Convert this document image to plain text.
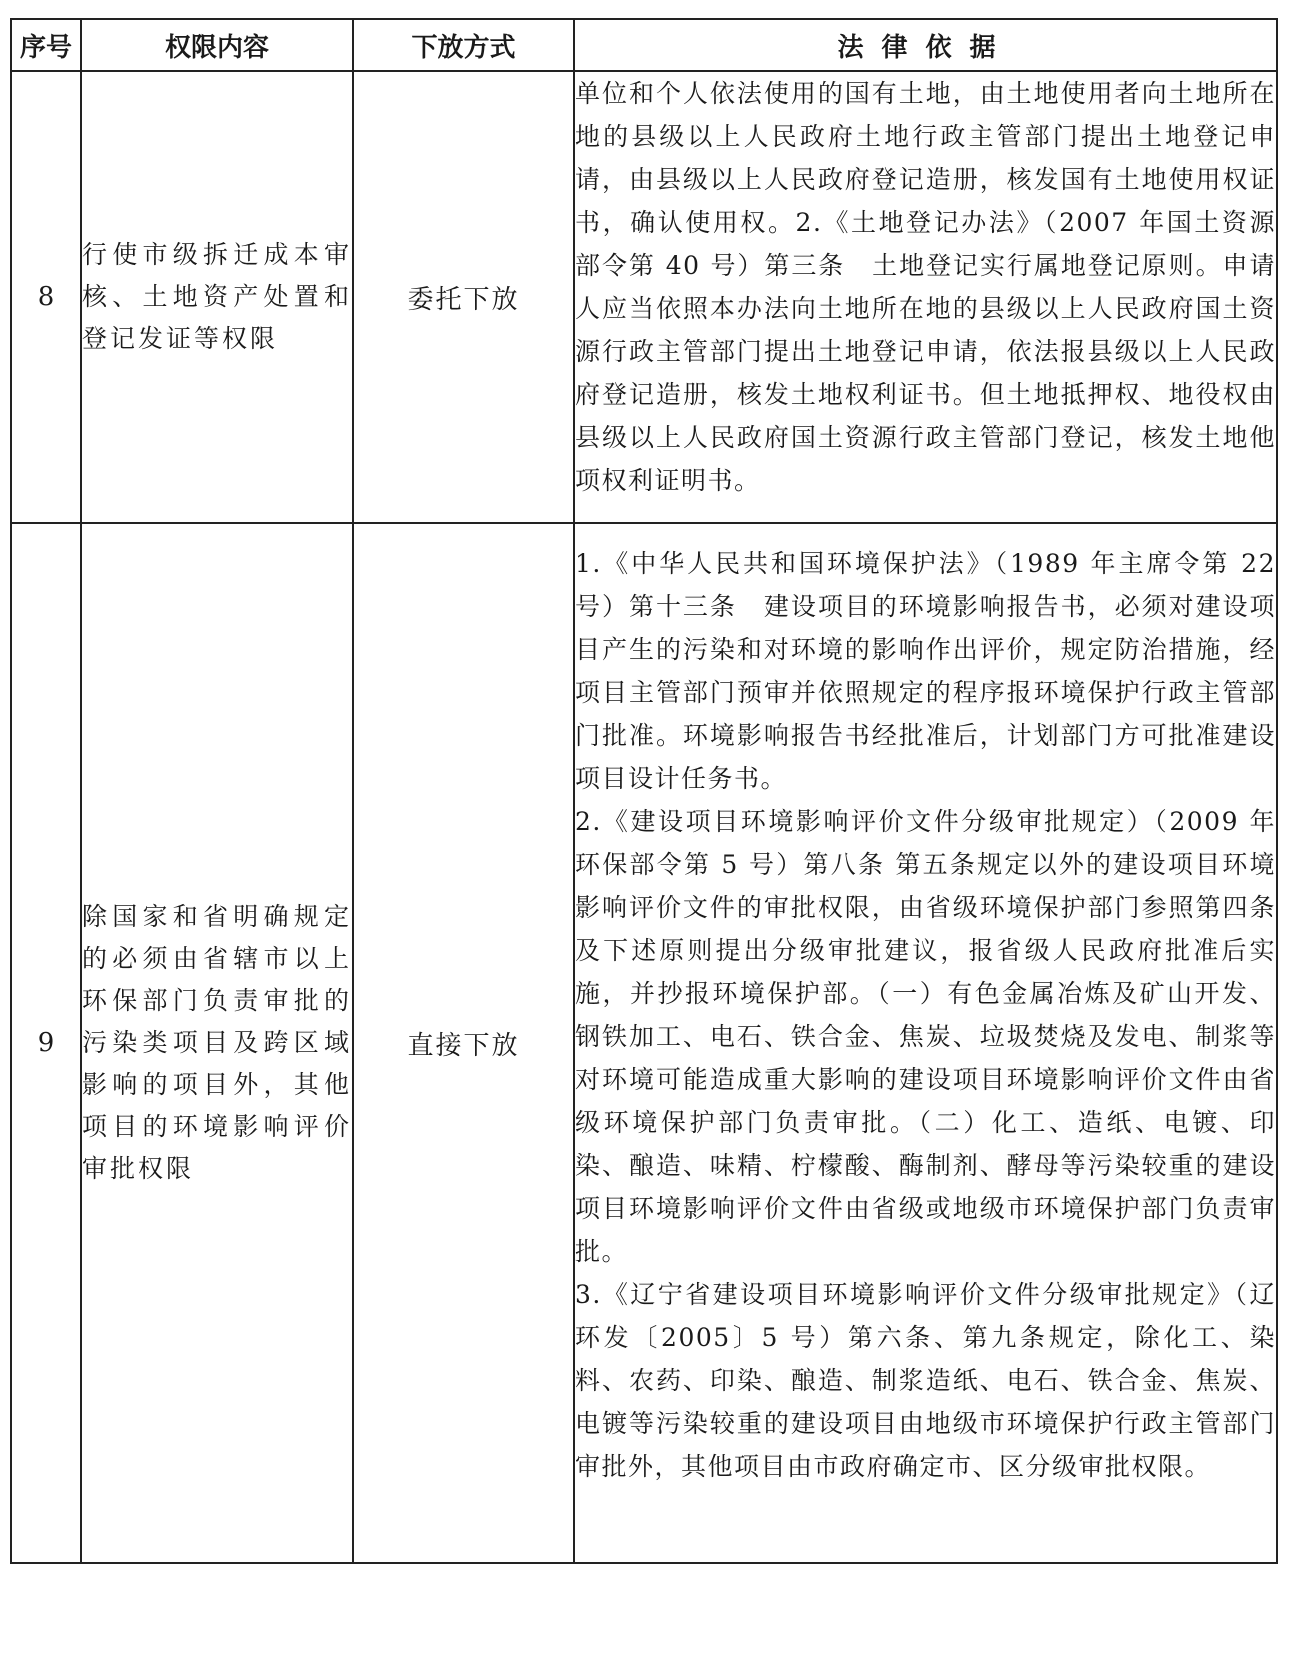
序号	权限内容	下放方式	法律依据
8	行使市级拆迁成本审核、土地资产处置和登记发证等权限	委托下放	单位和个人依法使用的国有土地，由土地使用者向土地所在地的县级以上人民政府土地行政主管部门提出土地登记申请，由县级以上人民政府登记造册，核发国有土地使用权证书，确认使用权。2.《土地登记办法》（2007 年国土资源部令第 40 号）第三条　土地登记实行属地登记原则。申请人应当依照本办法向土地所在地的县级以上人民政府国土资源行政主管部门提出土地登记申请，依法报县级以上人民政府登记造册，核发土地权利证书。但土地抵押权、地役权由县级以上人民政府国土资源行政主管部门登记，核发土地他项权利证明书。

9	除国家和省明确规定的必须由省辖市以上环保部门负责审批的污染类项目及跨区域影响的项目外，其他项目的环境影响评价审批权限	直接下放	1.《中华人民共和国环境保护法》（1989 年主席令第 22 号）第十三条　建设项目的环境影响报告书，必须对建设项目产生的污染和对环境的影响作出评价，规定防治措施，经项目主管部门预审并依照规定的程序报环境保护行政主管部门批准。环境影响报告书经批准后，计划部门方可批准建设项目设计任务书。

2.《建设项目环境影响评价文件分级审批规定）（2009 年环保部令第 5 号）第八条 第五条规定以外的建设项目环境影响评价文件的审批权限，由省级环境保护部门参照第四条及下述原则提出分级审批建议，报省级人民政府批准后实施，并抄报环境保护部。（一）有色金属冶炼及矿山开发、钢铁加工、电石、铁合金、焦炭、垃圾焚烧及发电、制浆等对环境可能造成重大影响的建设项目环境影响评价文件由省级环境保护部门负责审批。（二）化工、造纸、电镀、印染、酿造、味精、柠檬酸、酶制剂、酵母等污染较重的建设项目环境影响评价文件由省级或地级市环境保护部门负责审批。

3.《辽宁省建设项目环境影响评价文件分级审批规定》（辽环发〔2005〕5 号）第六条、第九条规定，除化工、染料、农药、印染、酿造、制浆造纸、电石、铁合金、焦炭、电镀等污染较重的建设项目由地级市环境保护行政主管部门审批外，其他项目由市政府确定市、区分级审批权限。
